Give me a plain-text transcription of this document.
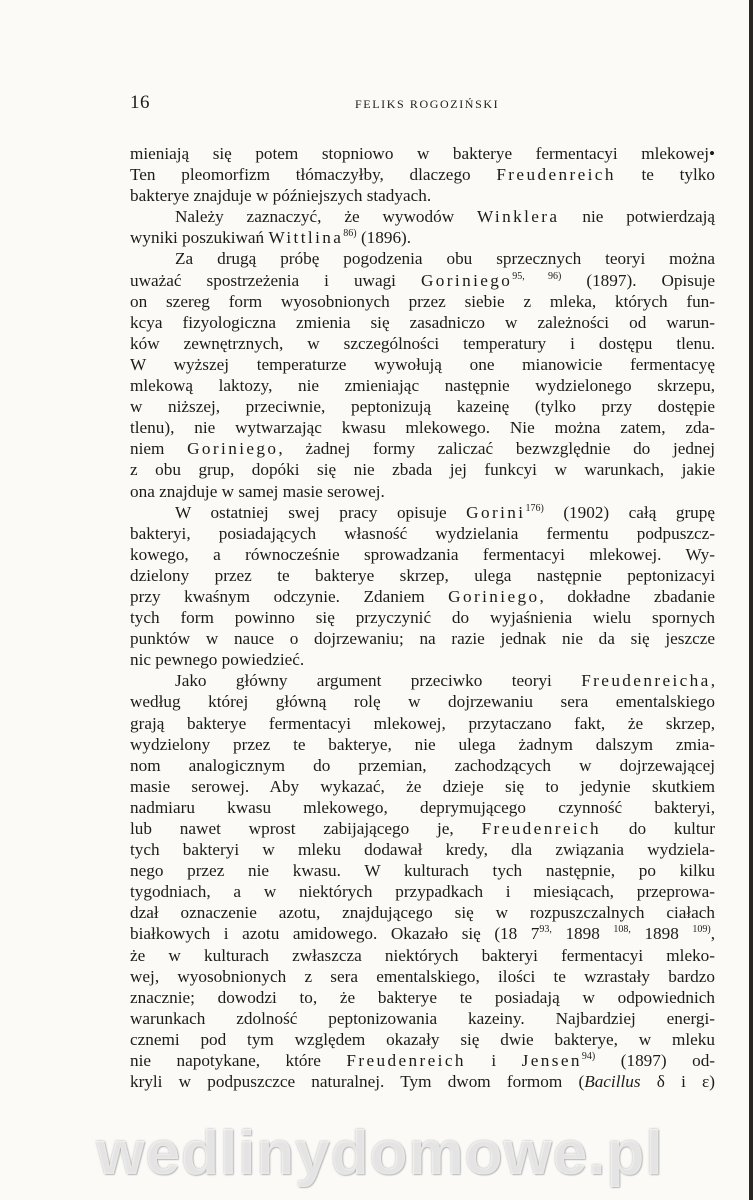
16	FELIKS ROGOZIŃSKI
mieniają się potem stopniowo w bakterye fermentacyi mlekowej•
Ten pleomorfizm tłómaczyłby, dlaczego Freudenreich te tylko
bakterye znajduje w późniejszych stadyach.
Należy zaznaczyć, że wywodów Winklera nie potwierdzają
wyniki poszukiwań Wittlina$^{86)}$ (1896).
Za drugą próbę pogodzenia obu sprzecznych teoryi można
uważać spostrzeżenia i uwagi Goriniego$^{95, 96)}$ (1897). Opisuje
on szereg form wyosobnionych przez siebie z mleka, których fun-
kcya fizyologiczna zmienia się zasadniczo w zależności od warun-
ków zewnętrznych, w szczególności temperatury i dostępu tlenu.
W wyższej temperaturze wywołują one mianowicie fermentacyę
mlekową laktozy, nie zmieniając następnie wydzielonego skrzepu,
w niższej, przeciwnie, peptonizują kazeinę (tylko przy dostępie
tlenu), nie wytwarzając kwasu mlekowego. Nie można zatem, zda-
niem Goriniego, żadnej formy zaliczać bezwzględnie do jednej
z obu grup, dopóki się nie zbada jej funkcyi w warunkach, jakie
ona znajduje w samej masie serowej.
W ostatniej swej pracy opisuje Gorini$^{176)}$ (1902) całą grupę
bakteryi, posiadających własność wydzielania fermentu podpuszcz-
kowego, a równocześnie sprowadzania fermentacyi mlekowej. Wy-
dzielony przez te bakterye skrzep, ulega następnie peptonizacyi
przy kwaśnym odczynie. Zdaniem Goriniego, dokładne zbadanie
tych form powinno się przyczynić do wyjaśnienia wielu spornych
punktów w nauce o dojrzewaniu; na razie jednak nie da się jeszcze
nic pewnego powiedzieć.
Jako główny argument przeciwko teoryi Freudenreicha,
według której główną rolę w dojrzewaniu sera ementalskiego
grają bakterye fermentacyi mlekowej, przytaczano fakt, że skrzep,
wydzielony przez te bakterye, nie ulega żadnym dalszym zmia-
nom analogicznym do przemian, zachodzących w dojrzewającej
masie serowej. Aby wykazać, że dzieje się to jedynie skutkiem
nadmiaru kwasu mlekowego, deprymującego czynność bakteryi,
lub nawet wprost zabijającego je, Freudenreich do kultur
tych bakteryi w mleku dodawał kredy, dla związania wydziela-
nego przez nie kwasu. W kulturach tych następnie, po kilku
tygodniach, a w niektórych przypadkach i miesiącach, przeprowa-
dzał oznaczenie azotu, znajdującego się w rozpuszczalnych ciałach
białkowych i azotu amidowego. Okazało się (18 $7^{93,}$ 1898 $^{108,}$ 1898 $^{109)}$,
że w kulturach zwłaszcza niektórych bakteryi fermentacyi mleko-
wej, wyosobnionych z sera ementalskiego, ilości te wzrastały bardzo
znacznie; dowodzi to, że bakterye te posiadają w odpowiednich
warunkach zdolność peptonizowania kazeiny. Najbardziej energi-
cznemi pod tym względem okazały się dwie bakterye, w mleku
nie napotykane, które Freudenreich i Jensen$^{94)}$ (1897) od-
kryli w podpuszczce naturalnej. Tym dwom formom (Bacillus δ i ε)
wedlinydomowe.pl
